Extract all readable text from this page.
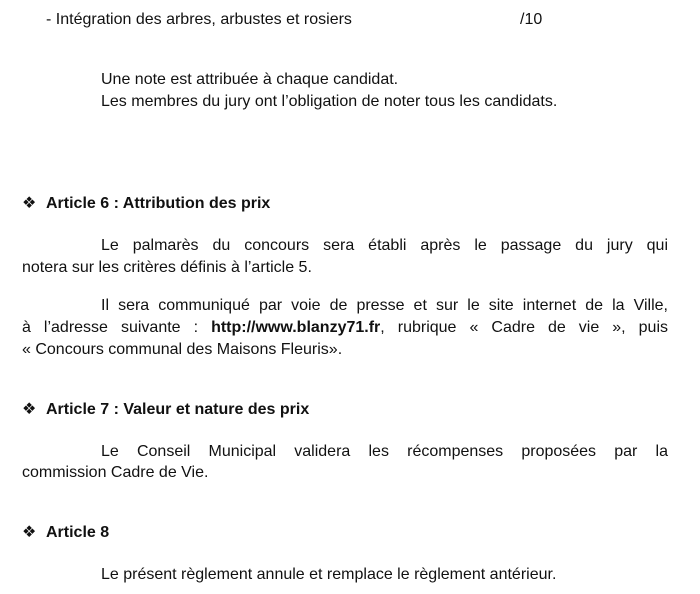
- Intégration des arbres, arbustes et rosiers	/10
Une note est attribuée à chaque candidat.
Les membres du jury ont l’obligation de noter tous les candidats.
❖ Article 6 : Attribution des prix
Le palmarès du concours sera établi après le passage du jury qui
notera sur les critères définis à l’article 5.
Il sera communiqué par voie de presse et sur le site internet de la Ville,
à l’adresse suivante : http://www.blanzy71.fr, rubrique « Cadre de vie », puis
« Concours communal des Maisons Fleuris».
❖ Article 7 : Valeur et nature des prix
Le Conseil Municipal validera les récompenses proposées par la
commission Cadre de Vie.
❖ Article 8
Le présent règlement annule et remplace le règlement antérieur.
